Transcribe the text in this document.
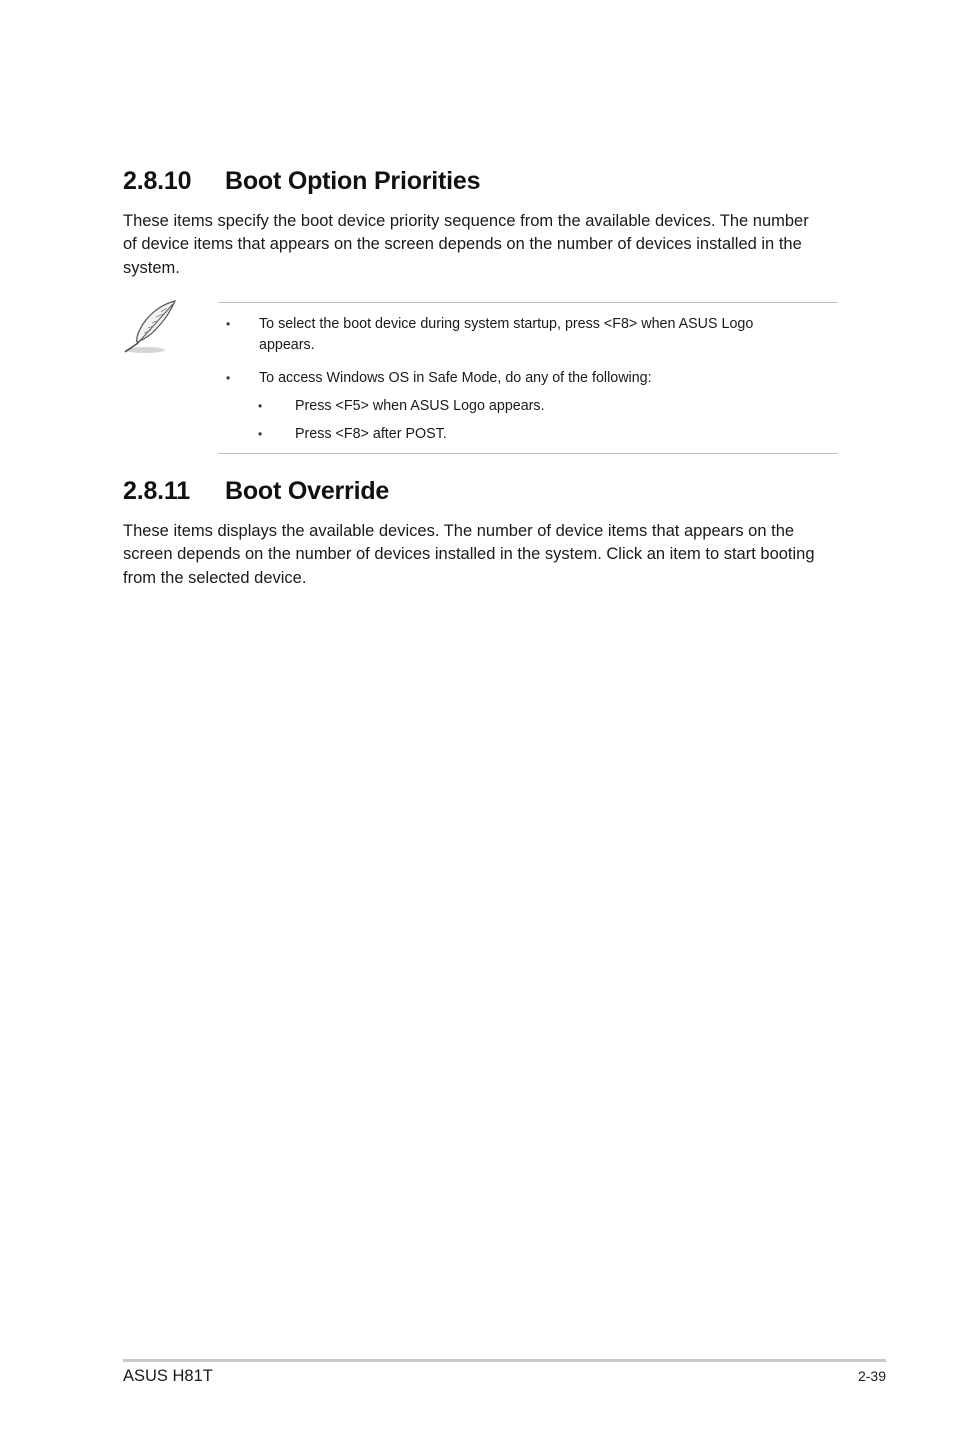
2.8.10 Boot Option Priorities

These items specify the boot device priority sequence from the available devices. The number of device items that appears on the screen depends on the number of devices installed in the system.

• To select the boot device during system startup, press <F8> when ASUS Logo appears.
• To access Windows OS in Safe Mode, do any of the following:
• Press <F5> when ASUS Logo appears.
• Press <F8> after POST.
2.8.11 Boot Override

These items displays the available devices. The number of device items that appears on the screen depends on the number of devices installed in the system. Click an item to start booting from the selected device.

ASUS H81T	2-39
